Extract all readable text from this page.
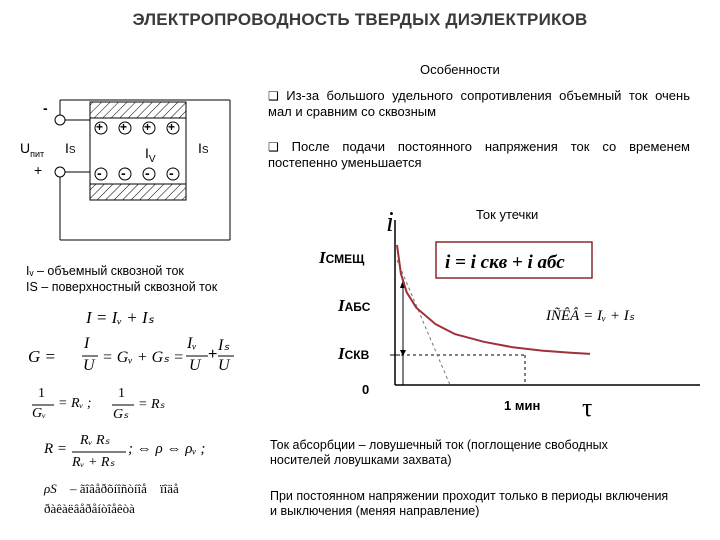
ЭЛЕКТРОПРОВОДНОСТЬ ТВЕРДЫХ ДИЭЛЕКТРИКОВ
Особенности
❑ Из-за большого удельного сопротивления объемный ток очень мал и сравним со сквозным
❑ После подачи постоянного напряжения ток со временем постепенно уменьшается
+ + + +
- - - -
-
+
$U_{пит}$ IS	$I_V$
IS
Iᵥ – объемный сквозной ток
IS – поверхностный сквозной ток
I = Iᵥ + Iₛ
G =
I
U = Gᵥ + Gₛ =
Iᵥ
U
+
Iₛ
U
1
Gᵥ
= Rᵥ ;
1
Gₛ
= Rₛ
R =
Rᵥ Rₛ
Rᵥ + Rₛ
; ⇔ ρ ⇔ ρᵥ ;
ρS – ãîâåðõíîñòíîå ïîäå
ðàêàëâåðåíòîåêòà
Ток утечки
i
τ
0
1 мин
IСМЕЩ
IАБС
IСКВ
i = i скв + i абс
IÑÊÂ = Iᵥ + Iₛ
Ток абсорбции – ловушечный ток (поглощение свободных носителей ловушками захвата)
При постоянном напряжении проходит только в периоды включения и выключения (меняя направление)
